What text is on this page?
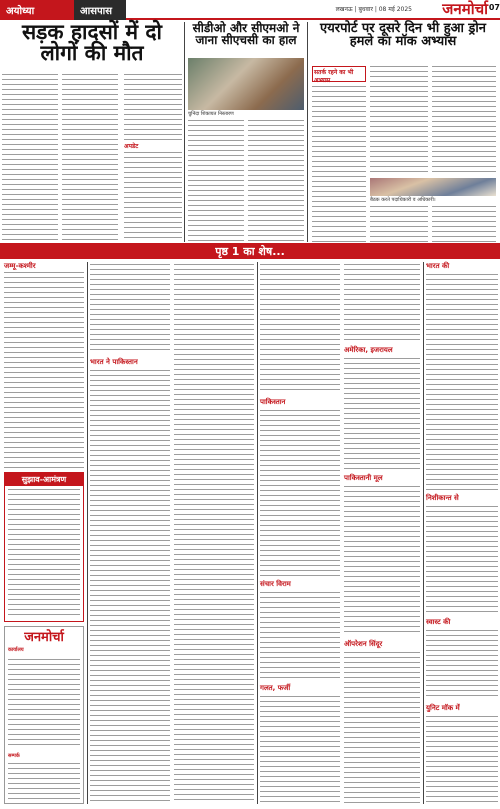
अयोध्या	आसपास	लखनऊ | बुधवार | 08 मई 2025 जनमोर्चा 07
सड़क हादसों में दो लोगों की मौत
अपडेट
सीडीओ और सीएमओ ने जाना सीएचसी का हाल
चुनिंदा शिकायत निस्तारण
एयरपोर्ट पर दूसरे दिन भी हुआ ड्रोन हमले का मॉक अभ्यास
सतर्क रहने का भी अभ्यास
बैठक करते पदाधिकारी व अधिकारी।
पृष्ठ 1 का शेष...
जम्मू-कश्मीर
सुझाव-आमंत्रण
जनमोर्चा
कार्यालय
सम्पर्क
भारत ने पाकिस्तान
पाकिस्तान
संचार विराम
गलत, फर्जी
अमेरिका, इजरायल
पाकिस्तानी मूल
ऑपरेशन सिंदूर
भारत की
निशीकान्त से
स्वास्ट की
युनिट मॉक में
